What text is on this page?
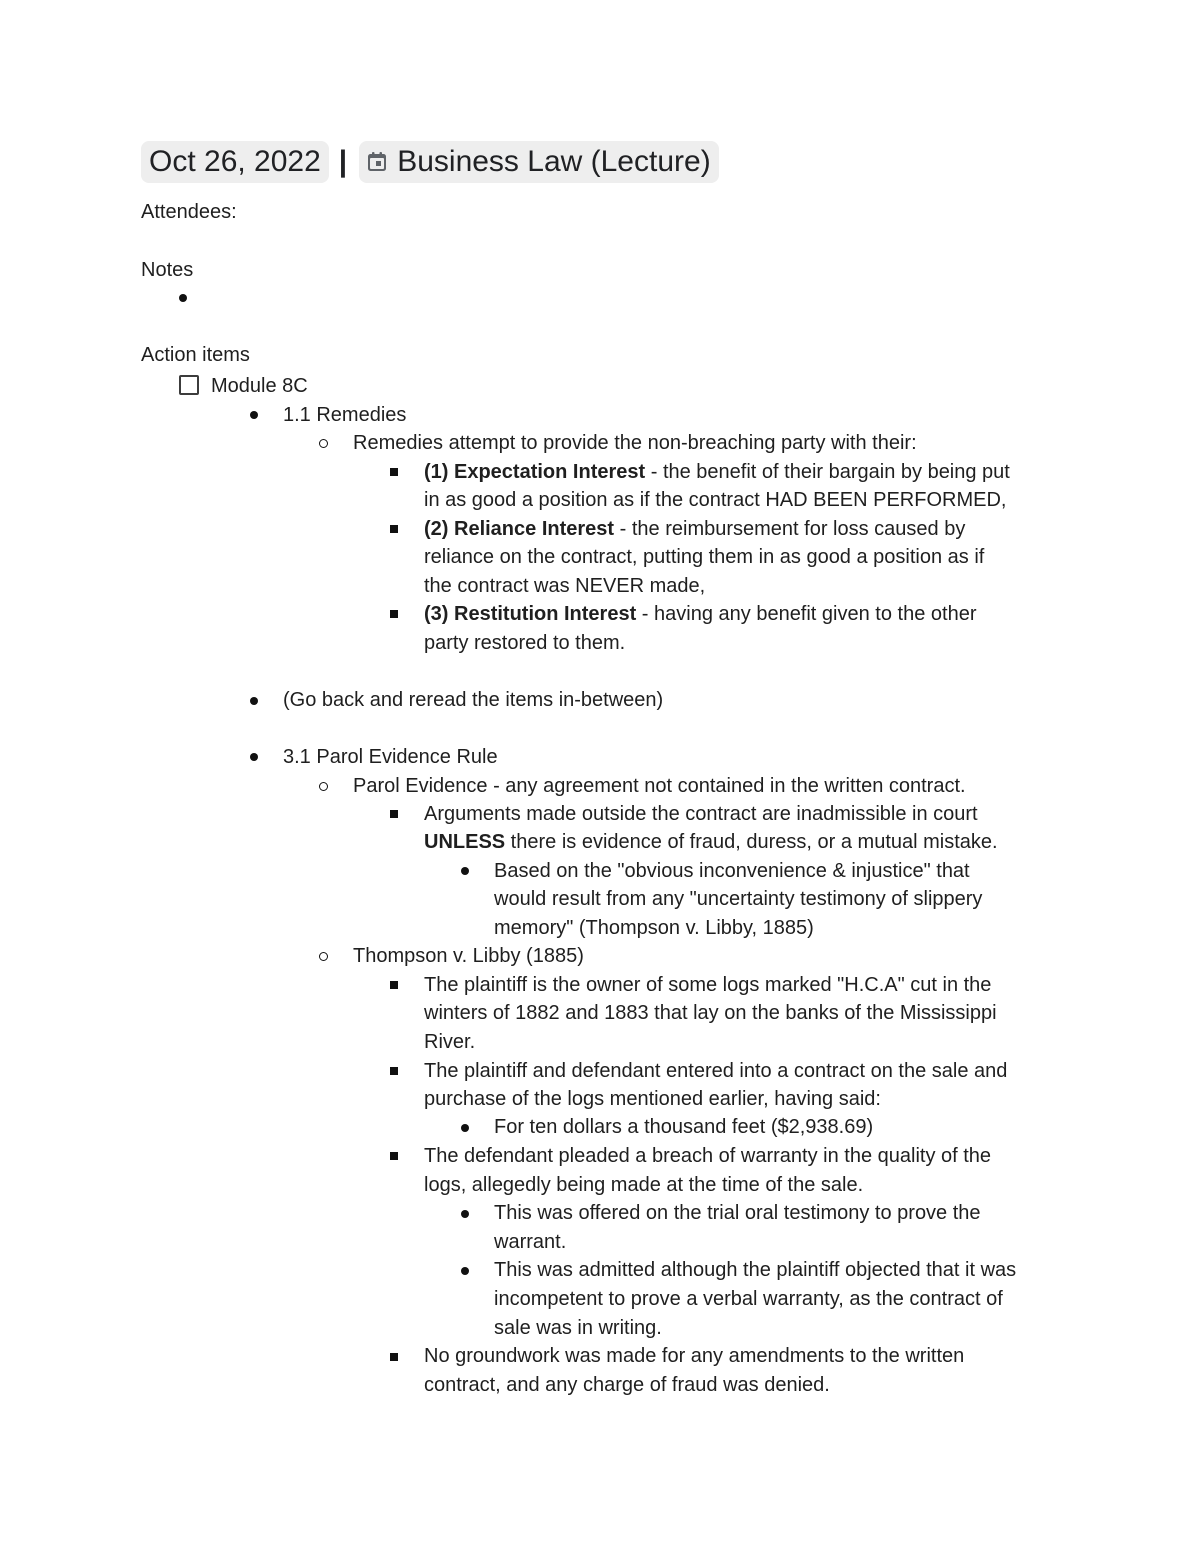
Oct 26, 2022 | Business Law (Lecture)
Attendees:
Notes
Action items
Module 8C
1.1 Remedies
Remedies attempt to provide the non-breaching party with their:
(1) Expectation Interest - the benefit of their bargain by being put
in as good a position as if the contract HAD BEEN PERFORMED,
(2) Reliance Interest - the reimbursement for loss caused by
reliance on the contract, putting them in as good a position as if
the contract was NEVER made,
(3) Restitution Interest - having any benefit given to the other
party restored to them.
(Go back and reread the items in-between)
3.1 Parol Evidence Rule
Parol Evidence - any agreement not contained in the written contract.
Arguments made outside the contract are inadmissible in court
UNLESS there is evidence of fraud, duress, or a mutual mistake.
Based on the "obvious inconvenience & injustice" that
would result from any "uncertainty testimony of slippery
memory" (Thompson v. Libby, 1885)
Thompson v. Libby (1885)
The plaintiff is the owner of some logs marked "H.C.A" cut in the
winters of 1882 and 1883 that lay on the banks of the Mississippi
River.
The plaintiff and defendant entered into a contract on the sale and
purchase of the logs mentioned earlier, having said:
For ten dollars a thousand feet ($2,938.69)
The defendant pleaded a breach of warranty in the quality of the
logs, allegedly being made at the time of the sale.
This was offered on the trial oral testimony to prove the
warrant.
This was admitted although the plaintiff objected that it was
incompetent to prove a verbal warranty, as the contract of
sale was in writing.
No groundwork was made for any amendments to the written
contract, and any charge of fraud was denied.
